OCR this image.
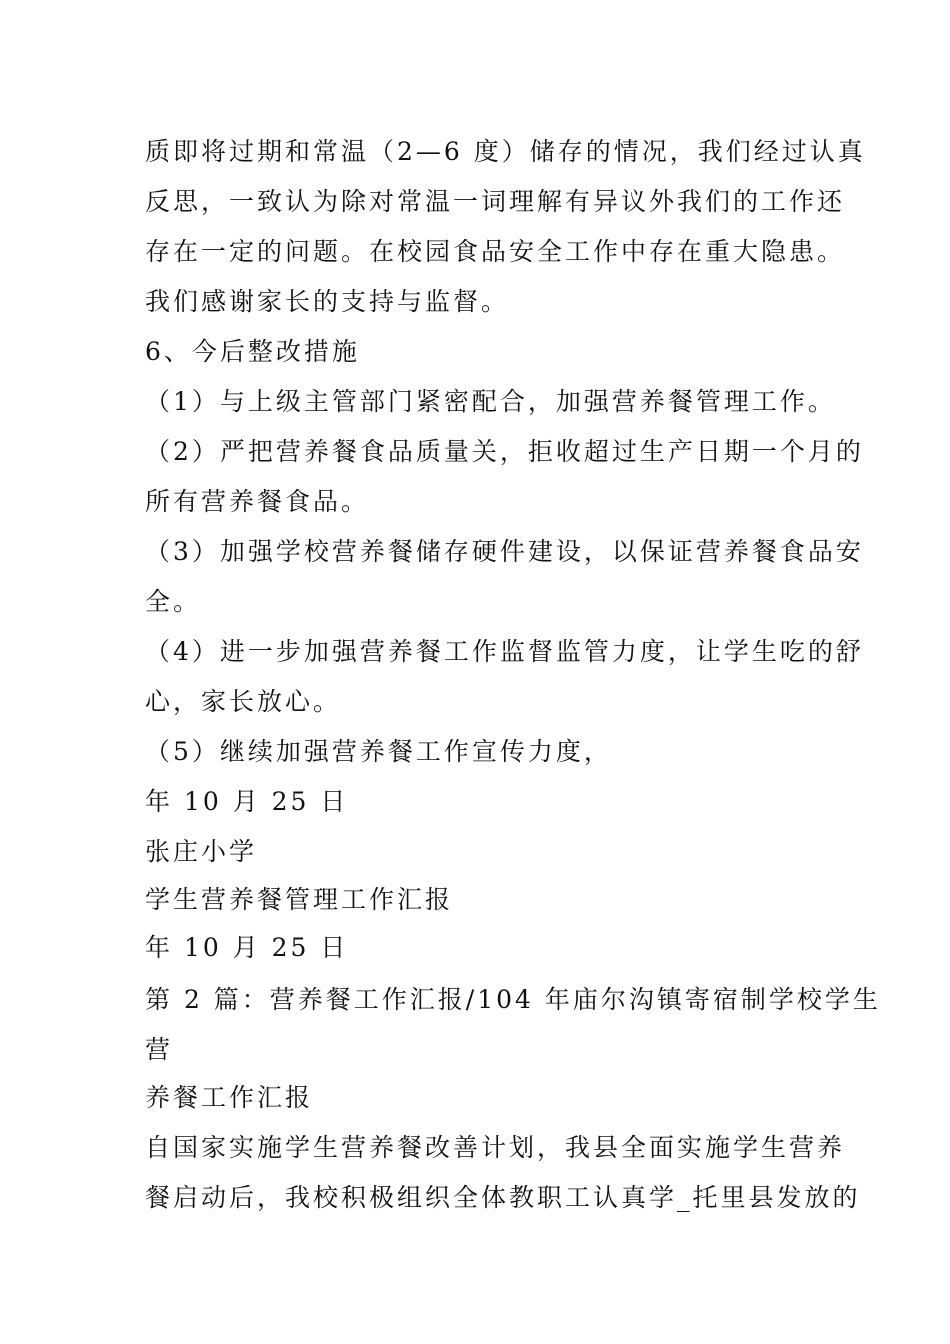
质即将过期和常温（2—6 度）储存的情况，我们经过认真
反思，一致认为除对常温一词理解有异议外我们的工作还
存在一定的问题。在校园食品安全工作中存在重大隐患。
我们感谢家长的支持与监督。
6、今后整改措施
（1）与上级主管部门紧密配合，加强营养餐管理工作。
（2）严把营养餐食品质量关，拒收超过生产日期一个月的
所有营养餐食品。
（3）加强学校营养餐储存硬件建设，以保证营养餐食品安
全。
（4）进一步加强营养餐工作监督监管力度，让学生吃的舒
心，家长放心。
（5）继续加强营养餐工作宣传力度，
年 10 月 25 日
张庄小学
学生营养餐管理工作汇报
年 10 月 25 日
第 2 篇：营养餐工作汇报/104 年庙尔沟镇寄宿制学校学生
营
养餐工作汇报
自国家实施学生营养餐改善计划，我县全面实施学生营养
餐启动后，我校积极组织全体教职工认真学_托里县发放的
